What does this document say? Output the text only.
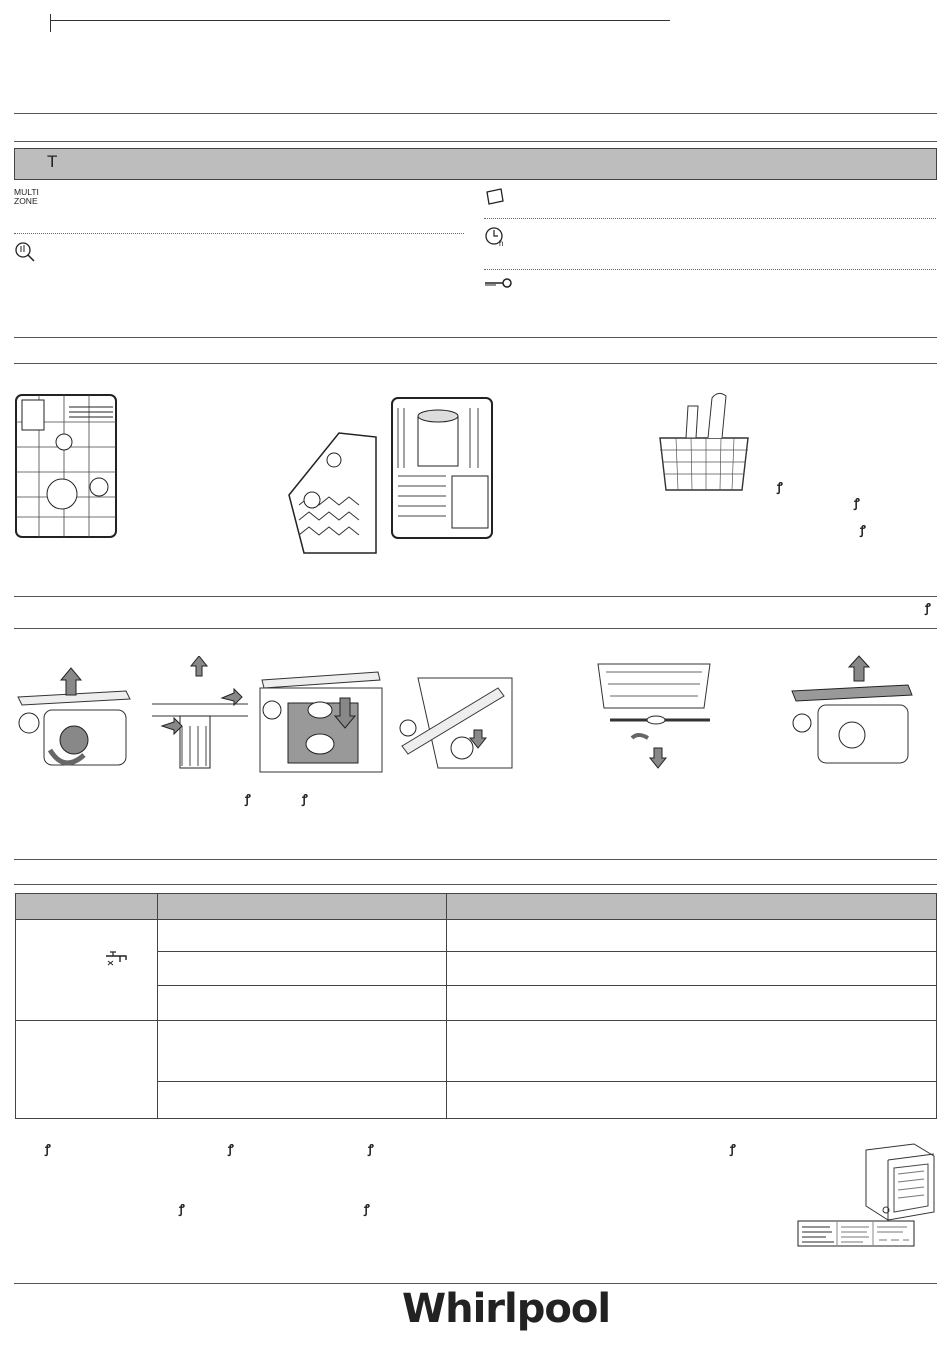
T
MULTI
ZONE
h
ꝭ
ꝭ
ꝭ
ꝭ
ꝭ	ꝭ

ꝭ	ꝭ	ꝭ	ꝭ
ꝭ	ꝭ
Whirlpool
